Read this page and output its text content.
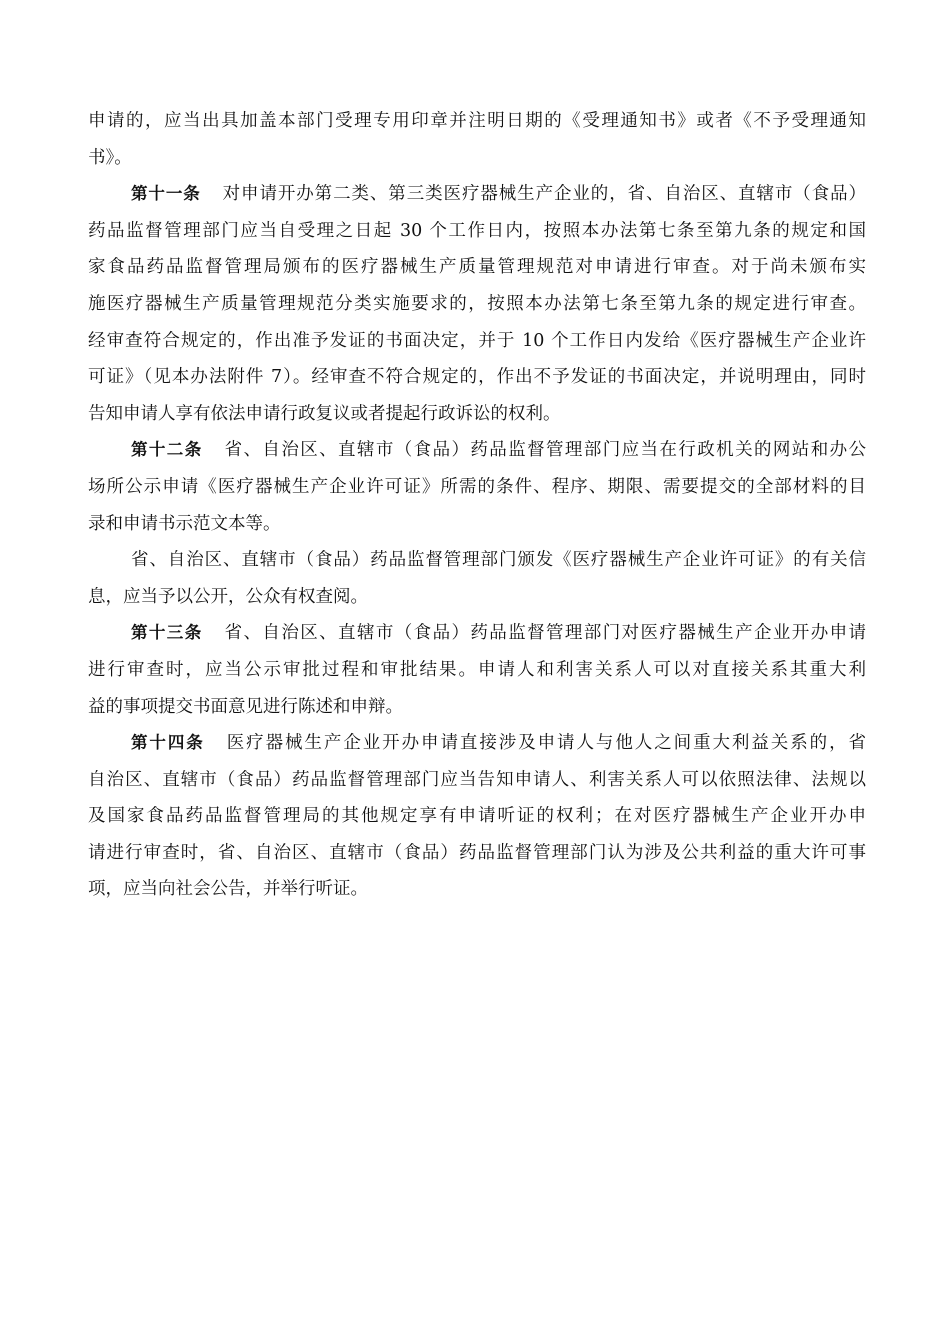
申请的，应当出具加盖本部门受理专用印章并注明日期的《受理通知书》或者《不予受理通知
书》。
第十一条 对申请开办第二类、第三类医疗器械生产企业的，省、自治区、直辖市（食品）
药品监督管理部门应当自受理之日起 30 个工作日内，按照本办法第七条至第九条的规定和国
家食品药品监督管理局颁布的医疗器械生产质量管理规范对申请进行审查。对于尚未颁布实
施医疗器械生产质量管理规范分类实施要求的，按照本办法第七条至第九条的规定进行审查。
经审查符合规定的，作出准予发证的书面决定，并于 10 个工作日内发给《医疗器械生产企业许
可证》（见本办法附件 7）。经审查不符合规定的，作出不予发证的书面决定，并说明理由，同时
告知申请人享有依法申请行政复议或者提起行政诉讼的权利。
第十二条 省、自治区、直辖市（食品）药品监督管理部门应当在行政机关的网站和办公
场所公示申请《医疗器械生产企业许可证》所需的条件、程序、期限、需要提交的全部材料的目
录和申请书示范文本等。
省、自治区、直辖市（食品）药品监督管理部门颁发《医疗器械生产企业许可证》的有关信
息，应当予以公开，公众有权查阅。
第十三条 省、自治区、直辖市（食品）药品监督管理部门对医疗器械生产企业开办申请
进行审查时，应当公示审批过程和审批结果。申请人和利害关系人可以对直接关系其重大利
益的事项提交书面意见进行陈述和申辩。
第十四条 医疗器械生产企业开办申请直接涉及申请人与他人之间重大利益关系的，省
自治区、直辖市（食品）药品监督管理部门应当告知申请人、利害关系人可以依照法律、法规以
及国家食品药品监督管理局的其他规定享有申请听证的权利；在对医疗器械生产企业开办申
请进行审查时，省、自治区、直辖市（食品）药品监督管理部门认为涉及公共利益的重大许可事
项，应当向社会公告，并举行听证。
